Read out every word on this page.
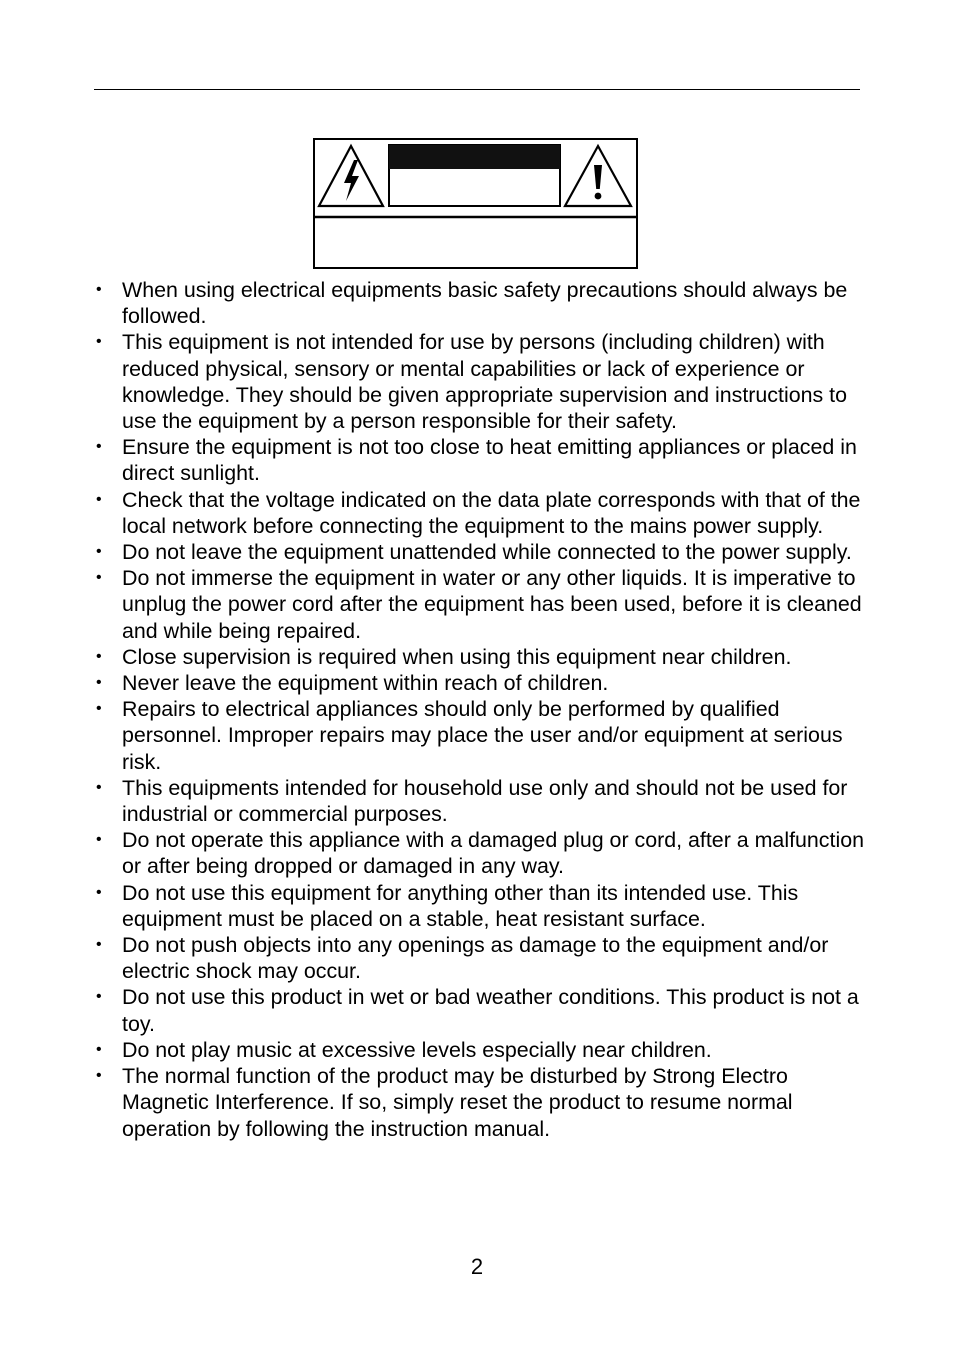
• When using electrical equipments basic safety precautions should always be followed.
• This equipment is not intended for use by persons (including children) with reduced physical, sensory or mental capabilities or lack of experience or knowledge. They should be given appropriate supervision and instructions to use the equipment by a person responsible for their safety.
• Ensure the equipment is not too close to heat emitting appliances or placed in direct sunlight.
• Check that the voltage indicated on the data plate corresponds with that of the local network before connecting the equipment to the mains power supply.
• Do not leave the equipment unattended while connected to the power supply.
• Do not immerse the equipment in water or any other liquids. It is imperative to unplug the power cord after the equipment has been used, before it is cleaned and while being repaired.
• Close supervision is required when using this equipment near children.
• Never leave the equipment within reach of children.
• Repairs to electrical appliances should only be performed by qualified personnel. Improper repairs may place the user and/or equipment at serious risk.
• This equipments intended for household use only and should not be used for industrial or commercial purposes.
• Do not operate this appliance with a damaged plug or cord, after a malfunction or after being dropped or damaged in any way.
• Do not use this equipment for anything other than its intended use. This equipment must be placed on a stable, heat resistant surface.
• Do not push objects into any openings as damage to the equipment and/or electric shock may occur.
• Do not use this product in wet or bad weather conditions. This product is not a toy.
• Do not play music at excessive levels especially near children.
• The normal function of the product may be disturbed by Strong Electro Magnetic Interference. If so, simply reset the product to resume normal operation by following the instruction manual.
2
